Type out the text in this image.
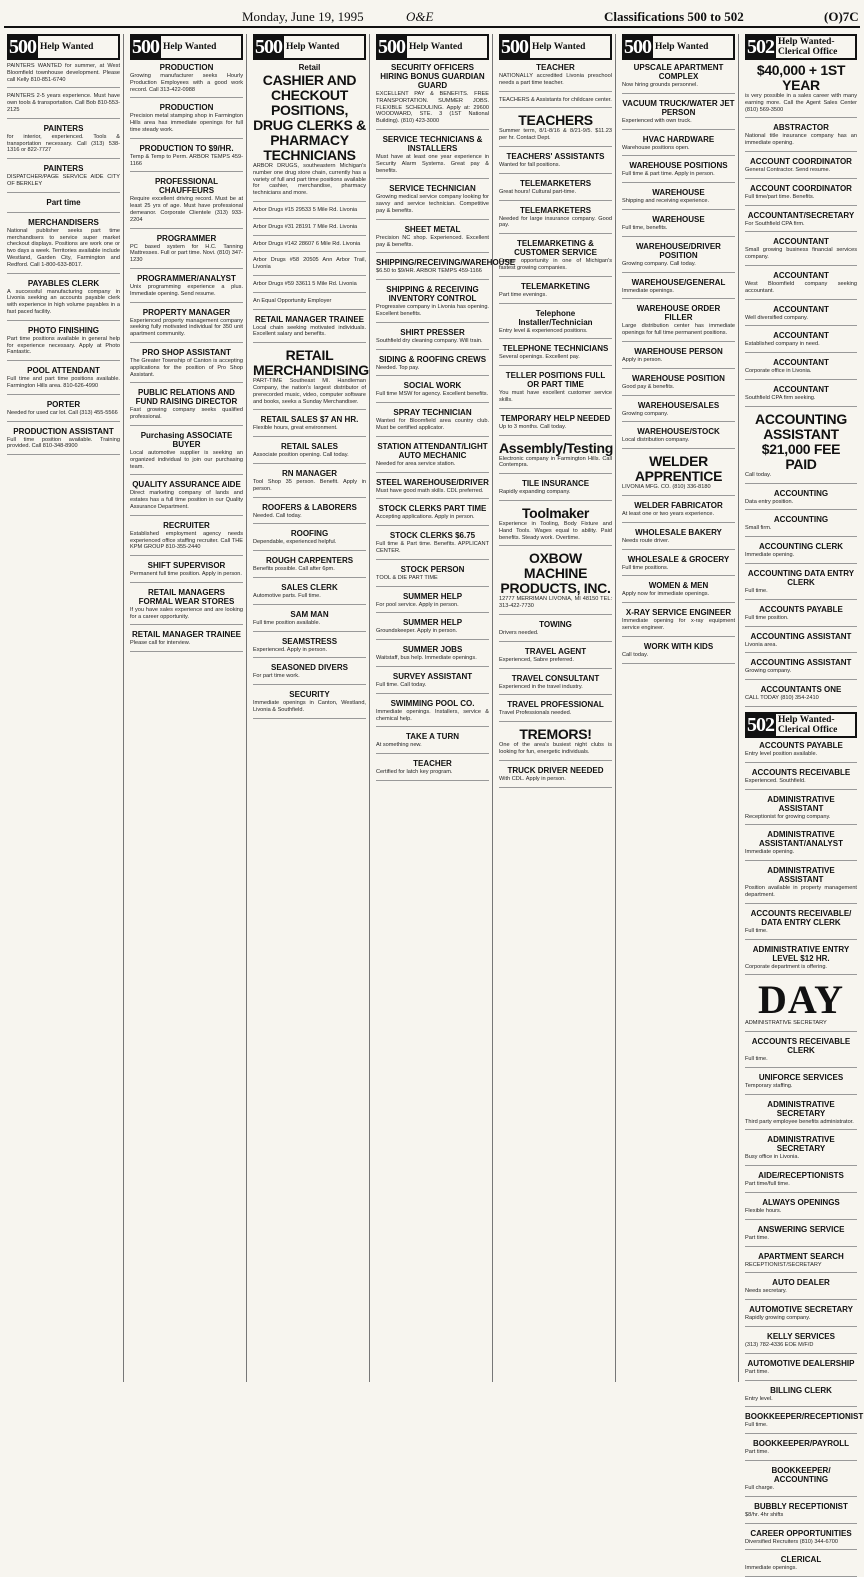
Monday, June 19, 1995	O&E	Classifications 500 to 502	(O)7C
500 Help Wanted
PAINTERS WANTED for summer, at West Bloomfield townhouse development. Please call Kelly 810-851-6740
PAINTERS 2-5 years experience. Must have own tools & transportation. Call Bob 810-553-2125
PAINTERS
for interior, experienced. Tools & transportation necessary. Call (313) 538-1316 or 822-7727
PAINTERS
DISPATCHER/PAGE SERVICE AIDE CITY OF BERKLEY
Part time
MERCHANDISERS
National publisher seeks part time merchandisers to service super market checkout displays. Positions are work one or two days a week. Territories available include Westland, Garden City, Farmington and Redford. Call 1-800-633-8017.
PAYABLES CLERK
A successful manufacturing company in Livonia seeking an accounts payable clerk with experience in high volume payables in a fast paced facility.
PHOTO FINISHING
Part time positions available in general help for experience necessary. Apply at Photo Fantastic.
POOL ATTENDANT
Full time and part time positions available. Farmington Hills area. 810-626-4990
PORTER
Needed for used car lot. Call (313) 455-5566
PRODUCTION ASSISTANT
Full time position available. Training provided. Call 810-348-8900
500 Help Wanted
PRODUCTION
Growing manufacturer seeks Hourly Production Employees with a good work record. Call 313-422-0988
PRODUCTION
Precision metal stamping shop in Farmington Hills area has immediate openings for full time steady work.
PRODUCTION TO $9/HR.
Temp & Temp to Perm. ARBOR TEMPS 459-1166
PROFESSIONAL CHAUFFEURS
Require excellent driving record. Must be at least 25 yrs of age. Must have professional demeanor. Corporate Clientele (313) 933-2204
PROGRAMMER
PC based system for H.C. Tanning Mattresses. Full or part time. Novi. (810) 347-1230
PROGRAMMER/ANALYST
Unix programming experience a plus. Immediate opening. Send resume.
PROPERTY MANAGER
Experienced property management company seeking fully motivated individual for 350 unit apartment community.
PRO SHOP ASSISTANT
The Greater Township of Canton is accepting applications for the position of Pro Shop Assistant.
PUBLIC RELATIONS AND FUND RAISING DIRECTOR
Fast growing company seeks qualified professional.
Purchasing ASSOCIATE BUYER
Local automotive supplier is seeking an organized individual to join our purchasing team.
QUALITY ASSURANCE AIDE
Direct marketing company of lands and estates has a full time position in our Quality Assurance Department.
RECRUITER
Established employment agency needs experienced office staffing recruiter. Call THE KPM GROUP 810-355-2440
SHIFT SUPERVISOR
Permanent full time position. Apply in person.
RETAIL MANAGERS FORMAL WEAR STORES
If you have sales experience and are looking for a career opportunity.
RETAIL MANAGER TRAINEE
Please call for interview.
500 Help Wanted
Retail
CASHIER AND CHECKOUT POSITIONS, DRUG CLERKS & PHARMACY TECHNICIANS
ARBOR DRUGS, southeastern Michigan's number one drug store chain, currently has a variety of full and part time positions available for cashier, merchandise, pharmacy technicians and more.
Arbor Drugs #15 29533 5 Mile Rd. Livonia
Arbor Drugs #31 28191 7 Mile Rd. Livonia
Arbor Drugs #142 28607 6 Mile Rd. Livonia
Arbor Drugs #58 20505 Ann Arbor Trail, Livonia
Arbor Drugs #59 33611 5 Mile Rd. Livonia
An Equal Opportunity Employer
RETAIL MANAGER TRAINEE
Local chain seeking motivated individuals. Excellent salary and benefits.
RETAIL MERCHANDISING
PART-TIME Southeast MI. Handleman Company, the nation's largest distributor of prerecorded music, video, computer software and books, seeks a Sunday Merchandiser.
RETAIL SALES $7 AN HR.
Flexible hours, great environment.
RETAIL SALES
Associate position opening. Call today.
RN MANAGER
Tool Shop 35 person. Benefit. Apply in person.
ROOFERS & LABORERS
Needed. Call today.
ROOFING
Dependable, experienced helpful.
ROUGH CARPENTERS
Benefits possible. Call after 6pm.
SALES CLERK
Automotive parts. Full time.
SAM MAN
Full time position available.
SEAMSTRESS
Experienced. Apply in person.
SEASONED DIVERS
For part time work.
SECURITY
Immediate openings in Canton, Westland, Livonia & Southfield.
500 Help Wanted
SECURITY OFFICERS HIRING BONUS GUARDIAN GUARD
EXCELLENT PAY & BENEFITS. FREE TRANSPORTATION. SUMMER JOBS. FLEXIBLE SCHEDULING. Apply at: 29600 WOODWARD, STE. 3 (1ST National Building). (810) 423-3000
SERVICE TECHNICIANS & INSTALLERS
Must have at least one year experience in Security Alarm Systems. Great pay & benefits.
SERVICE TECHNICIAN
Growing medical service company looking for savvy and service technician. Competitive pay & benefits.
SHEET METAL
Precision NC shop. Experienced. Excellent pay & benefits.
SHIPPING/RECEIVING/WAREHOUSE
$6.50 to $9/HR. ARBOR TEMPS 459-1166
SHIPPING & RECEIVING INVENTORY CONTROL
Progressive company in Livonia has opening. Excellent benefits.
SHIRT PRESSER
Southfield dry cleaning company. Will train.
SIDING & ROOFING CREWS
Needed. Top pay.
SOCIAL WORK
Full time MSW for agency. Excellent benefits.
SPRAY TECHNICIAN
Wanted for Bloomfield area country club. Must be certified applicator.
STATION ATTENDANT/LIGHT AUTO MECHANIC
Needed for area service station.
STEEL WAREHOUSE/DRIVER
Must have good math skills. CDL preferred.
STOCK CLERKS PART TIME
Accepting applications. Apply in person.
STOCK CLERKS $6.75
Full time & Part time. Benefits. APPLICANT CENTER.
STOCK PERSON
TOOL & DIE PART TIME
SUMMER HELP
For pool service. Apply in person.
SUMMER HELP
Groundskeeper. Apply in person.
SUMMER JOBS
Waitstaff, bus help. Immediate openings.
SURVEY ASSISTANT
Full time. Call today.
SWIMMING POOL CO.
Immediate openings. Installers, service & chemical help.
TAKE A TURN
At something new.
TEACHER
Certified for latch key program.
500 Help Wanted
TEACHER
NATIONALLY accredited Livonia preschool needs a part time teacher.
TEACHERS & Assistants for childcare center.
TEACHERS
Summer term, 8/1-8/16 & 8/21-9/5. $11.23 per hr. Contact Dept.
TEACHERS' ASSISTANTS
Wanted for fall positions.
TELEMARKETERS
Great hours! Cultural part-time.
TELEMARKETERS
Needed for large insurance company. Good pay.
TELEMARKETING & CUSTOMER SERVICE
Career opportunity in one of Michigan's fastest growing companies.
TELEMARKETING
Part time evenings.
Telephone Installer/Technician
Entry level & experienced positions.
TELEPHONE TECHNICIANS
Several openings. Excellent pay.
TELLER POSITIONS FULL OR PART TIME
You must have excellent customer service skills.
TEMPORARY HELP NEEDED
Up to 3 months. Call today.
Assembly/Testing
Electronic company in Farmington Hills. Call Contempra.
TILE INSURANCE
Rapidly expanding company.
Toolmaker
Experience in Tooling, Body Fixture and Hand Tools. Wages equal to ability. Paid benefits. Steady work. Overtime.
OXBOW MACHINE PRODUCTS, INC.
12777 MERRIMAN LIVONIA, MI 48150 TEL: 313-422-7730
TOWING
Drivers needed.
TRAVEL AGENT
Experienced, Sabre preferred.
TRAVEL CONSULTANT
Experienced in the travel industry.
TRAVEL PROFESSIONAL
Travel Professionals needed.
TREMORS!
One of the area's busiest night clubs is looking for fun, energetic individuals.
TRUCK DRIVER NEEDED
With CDL. Apply in person.
500 Help Wanted
UPSCALE APARTMENT COMPLEX
Now hiring grounds personnel.
VACUUM TRUCK/WATER JET PERSON
Experienced with own truck.
HVAC HARDWARE
Warehouse positions open.
WAREHOUSE POSITIONS
Full time & part time. Apply in person.
WAREHOUSE
Shipping and receiving experience.
WAREHOUSE
Full time, benefits.
WAREHOUSE/DRIVER POSITION
Growing company. Call today.
WAREHOUSE/GENERAL
Immediate openings.
WAREHOUSE ORDER FILLER
Large distribution center has immediate openings for full time permanent positions.
WAREHOUSE PERSON
Apply in person.
WAREHOUSE POSITION
Good pay & benefits.
WAREHOUSE/SALES
Growing company.
WAREHOUSE/STOCK
Local distribution company.
WELDER APPRENTICE
LIVONIA MFG. CO. (810) 336-8180
WELDER FABRICATOR
At least one or two years experience.
WHOLESALE BAKERY
Needs route driver.
WHOLESALE & GROCERY
Full time positions.
WOMEN & MEN
Apply now for immediate openings.
X-RAY SERVICE ENGINEER
Immediate opening for x-ray equipment service engineer.
WORK WITH KIDS
Call today.
502 Help Wanted-Clerical Office
$40,000 + 1ST YEAR
is very possible in a sales career with many earning more. Call the Agent Sales Center (810) 569-3500
ABSTRACTOR
National title insurance company has an immediate opening.
ACCOUNT COORDINATOR
General Contractor. Send resume.
ACCOUNT COORDINATOR
Full time/part time. Benefits.
ACCOUNTANT/SECRETARY
For Southfield CPA firm.
ACCOUNTANT
Small growing business financial services company.
ACCOUNTANT
West Bloomfield company seeking accountant.
ACCOUNTANT
Well diversified company.
ACCOUNTANT
Established company in need.
ACCOUNTANT
Corporate office in Livonia.
ACCOUNTANT
Southfield CPA firm seeking.
ACCOUNTING ASSISTANT $21,000 FEE PAID
Call today.
ACCOUNTING
Data entry position.
ACCOUNTING
Small firm.
ACCOUNTING CLERK
Immediate opening.
ACCOUNTING DATA ENTRY CLERK
Full time.
ACCOUNTS PAYABLE
Full time position.
ACCOUNTING ASSISTANT
Livonia area.
ACCOUNTING ASSISTANT
Growing company.
ACCOUNTANTS ONE
CALL TODAY (810) 354-2410
502 Help Wanted-Clerical Office
ACCOUNTS PAYABLE
Entry level position available.
ACCOUNTS RECEIVABLE
Experienced. Southfield.
ADMINISTRATIVE ASSISTANT
Receptionist for growing company.
ADMINISTRATIVE ASSISTANT/ANALYST
Immediate opening.
ADMINISTRATIVE ASSISTANT
Position available in property management department.
ACCOUNTS RECEIVABLE/ DATA ENTRY CLERK
Full time.
ADMINISTRATIVE ENTRY LEVEL $12 HR.
Corporate department is offering.
DAY
ADMINISTRATIVE SECRETARY
ACCOUNTS RECEIVABLE CLERK
Full time.
UNIFORCE SERVICES
Temporary staffing.
ADMINISTRATIVE SECRETARY
Third party employee benefits administrator.
ADMINISTRATIVE SECRETARY
Busy office in Livonia.
AIDE/RECEPTIONISTS
Part time/full time.
ALWAYS OPENINGS
Flexible hours.
ANSWERING SERVICE
Part time.
APARTMENT SEARCH
RECEPTIONIST/SECRETARY
AUTO DEALER
Needs secretary.
AUTOMOTIVE SECRETARY
Rapidly growing company.
KELLY SERVICES
(313) 782-4336 EOE M/F/D
AUTOMOTIVE DEALERSHIP
Part time.
BILLING CLERK
Entry level.
BOOKKEEPER/RECEPTIONIST
Full time.
BOOKKEEPER/PAYROLL
Part time.
BOOKKEEPER/ ACCOUNTING
Full charge.
BUBBLY RECEPTIONIST
$8/hr. 4hr shifts
CAREER OPPORTUNITIES
Diversified Recruiters (810) 344-6700
CLERICAL
Immediate openings.
